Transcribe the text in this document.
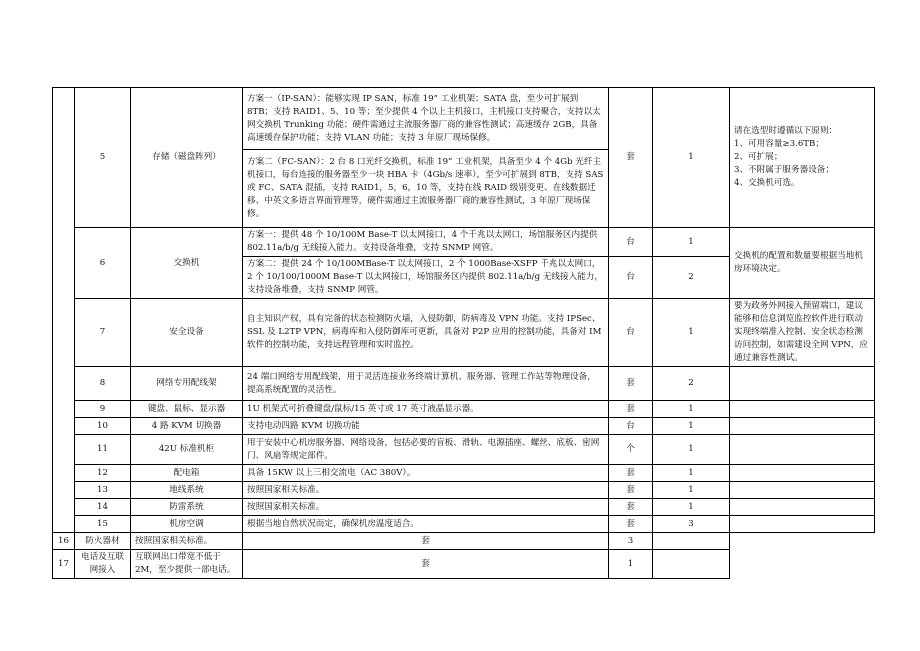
	5	存储（磁盘阵列）	方案一（IP-SAN）：能够实现 IP SAN，标准 19” 工业机架；SATA 盘，至少可扩展到 8TB；支持 RAID1、5、10 等；至少提供 4 个以上主机接口，主机接口支持聚合，支持以太网交换机 Trunking 功能；硬件需通过主流服务器厂商的兼容性测试；高速缓存 2GB，具备高速缓存保护功能；支持 VLAN 功能；支持 3 年原厂现场保修。	套	1	请在选型时遵循以下原则：
1、可用容量≥3.6TB；
2、可扩展；
3、不附属于服务器设备；
4、交换机可选。

			方案二（FC-SAN）：2 台 8 口光纤交换机，标准 19” 工业机架，具备至少 4 个 4Gb 光纤主机接口，每台连接的服务器至少一块 HBA 卡（4Gb/s 速率），至少可扩展到 8TB，支持 SAS 或 FC、SATA 混插，支持 RAID1，5，6，10 等，支持在线 RAID 级别变更、在线数据迁移、中英文多语言界面管理等，硬件需通过主流服务器厂商的兼容性测试，3 年原厂现场保修。			
	6	交换机	方案一：提供 48 个 10/100M Base-T 以太网接口，4 个千兆以太网口，场馆服务区内提供 802.11a/b/g 无线接入能力。支持设备堆叠，支持 SNMP 网管。	台	1	交换机的配置和数量要根据当地机房环境决定。
			方案二：提供 24 个 10/100MBase-T 以太网接口，2 个 1000Base-XSFP 千兆以太网口，2 个 10/100/1000M Base-T 以太网接口，场馆服务区内提供 802.11a/b/g 无线接入能力，支持设备堆叠，支持 SNMP 网管。	台	2	
	7	安全设备	自主知识产权，具有完备的状态检测防火墙，入侵防御，防病毒及 VPN 功能。支持 IPSec、SSL 及 L2TP VPN，病毒库和入侵防御库可更新，具备对 P2P 应用的控制功能，具备对 IM 软件的控制功能，支持远程管理和实时监控。	台	1	要为政务外网接入预留端口，建议能够和信息浏览监控软件进行联动实现终端准入控制、安全状态检测访问控制，如需建设全网 VPN，应通过兼容性测试。
	8	网络专用配线架	24 端口网络专用配线架，用于灵活连接业务终端计算机、服务器、管理工作站等物理设备，提高系统配置的灵活性。	套	2	
	9	键盘、鼠标、显示器	1U 机架式可折叠键盘/鼠标/15 英寸或 17 英寸液晶显示器。	套	1	
	10	4 路 KVM 切换器	支持电动四路 KVM 切换功能	台	1	
	11	42U 标准机柜	用于安装中心机房服务器、网络设备，包括必要的盲板、滑轨、电源插座、螺丝、底板、密网门、风扇等规定部件。	个	1	
	12	配电箱	具备 15KW 以上三相交流电（AC 380V）。	套	1	
	13	地线系统	按照国家相关标准。	套	1	
	14	防雷系统	按照国家相关标准。	套	1	
	15	机房空调	根据当地自然状况而定，确保机房温度适合。	套	3	
16	防火器材	按照国家相关标准。	套	3		
17	电话及互联网接入	互联网出口带宽不低于 2M，至少提供一部电话。	套	1		
